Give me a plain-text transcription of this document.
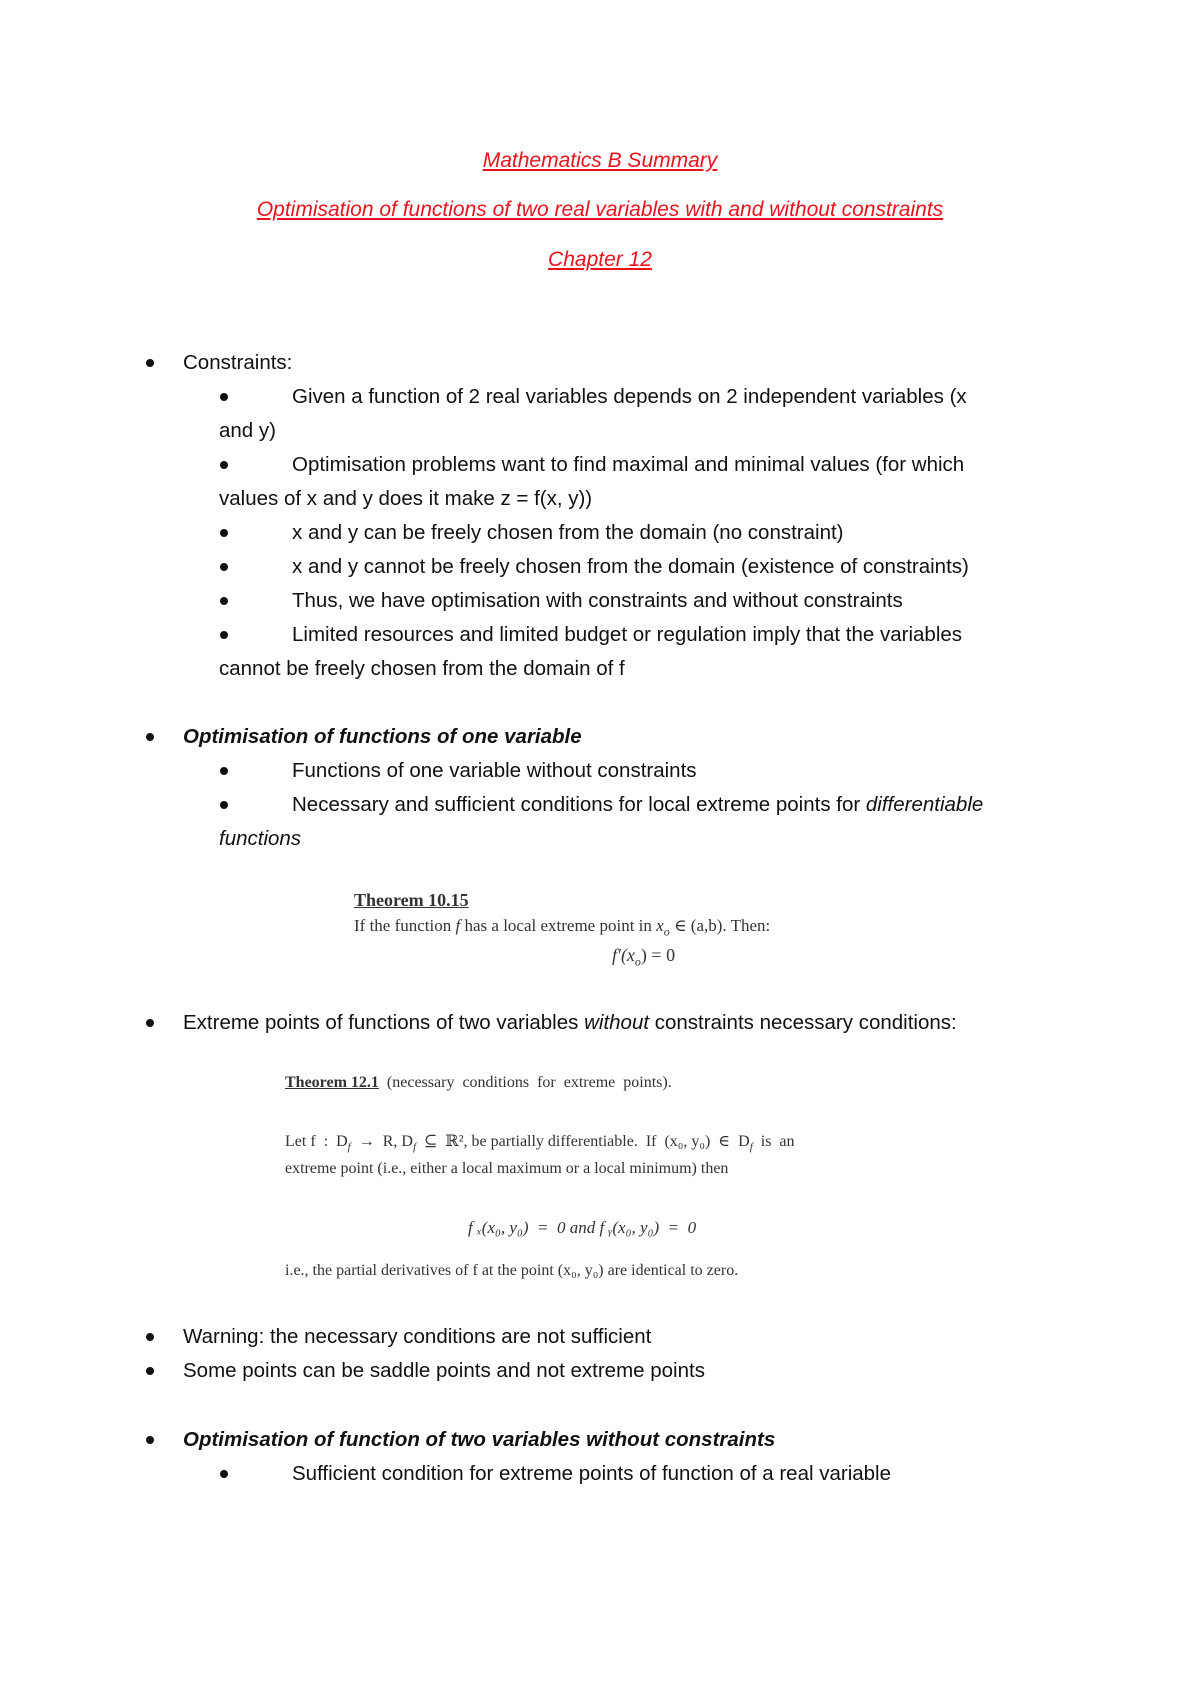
Mathematics B Summary
Optimisation of functions of two real variables with and without constraints
Chapter 12
Constraints:
Given a function of 2 real variables depends on 2 independent variables (x
and y)
Optimisation problems want to find maximal and minimal values (for which
values of x and y does it make z = f(x, y))
x and y can be freely chosen from the domain (no constraint)
x and y cannot be freely chosen from the domain (existence of constraints)
Thus, we have optimisation with constraints and without constraints
Limited resources and limited budget or regulation imply that the variables
cannot be freely chosen from the domain of f
Optimisation of functions of one variable
Functions of one variable without constraints
Necessary and sufficient conditions for local extreme points for differentiable
functions
Theorem 10.15
If the function f has a local extreme point in $x_o$ ∈ (a,b). Then:
$f'(x_o) = 0$
Extreme points of functions of two variables without constraints necessary conditions:
Theorem 12.1  (necessary  conditions  for  extreme  points).
Let f  :  $D_f \to R$, $D_f$  ⊆  ℝ², be partially differentiable.  If  (x₀, y₀)  ∈  $D_f$  is  an
extreme point (i.e., either a local maximum or a local minimum) then
f ₓ(x₀, y₀)  =  0 and f ᵧ(x₀, y₀)  =  0
i.e., the partial derivatives of f at the point (x₀, y₀) are identical to zero.
Warning: the necessary conditions are not sufficient
Some points can be saddle points and not extreme points
Optimisation of function of two variables without constraints
Sufficient condition for extreme points of function of a real variable
